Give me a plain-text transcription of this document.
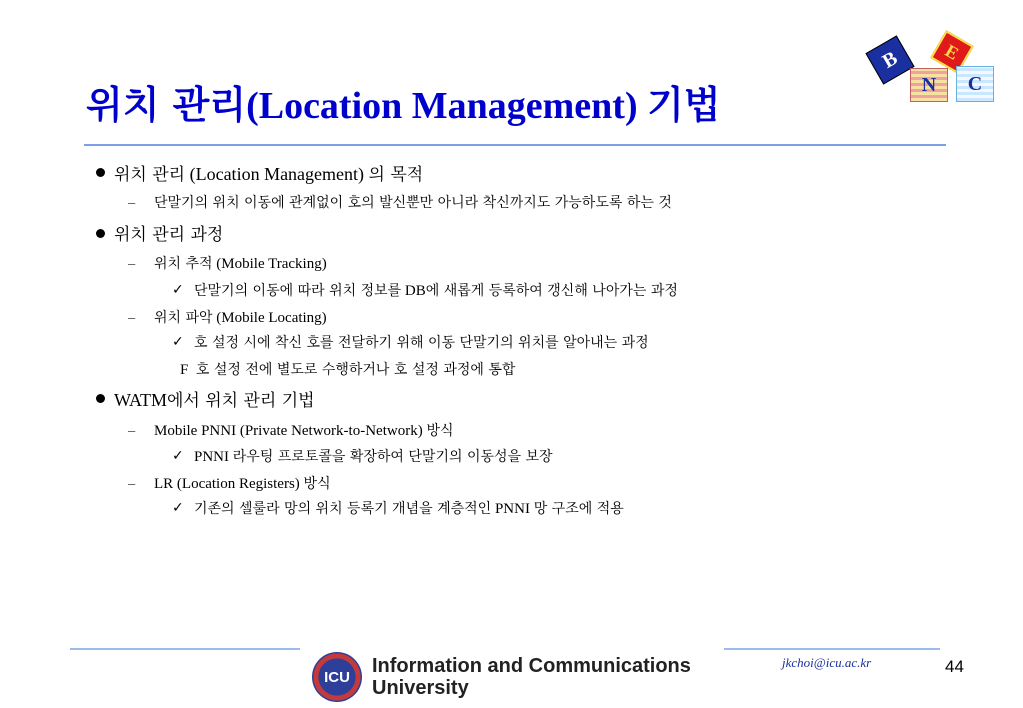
위치 관리(Location Management) 기법
B	E
N	C
위치 관리 (Location Management) 의 목적
– 단말기의 위치 이동에 관계없이 호의 발신뿐만 아니라 착신까지도 가능하도록 하는 것
위치 관리 과정
– 위치 추적 (Mobile Tracking)
✓ 단말기의 이동에 따라 위치 정보를 DB에 새롭게 등록하여 갱신해 나아가는 과정
– 위치 파악 (Mobile Locating)
✓ 호 설정 시에 착신 호를 전달하기 위해 이동 단말기의 위치를 알아내는 과정
F 호 설정 전에 별도로 수행하거나 호 설정 과정에 통합
WATM에서 위치 관리 기법
– Mobile PNNI (Private Network-to-Network) 방식
✓ PNNI 라우팅 프로토콜을 확장하여 단말기의 이동성을 보장
– LR (Location Registers) 방식
✓ 기존의 셀룰라 망의 위치 등록기 개념을 계층적인 PNNI 망 구조에 적용
ICU Information and Communications
University
jkchoi@icu.ac.kr	44
